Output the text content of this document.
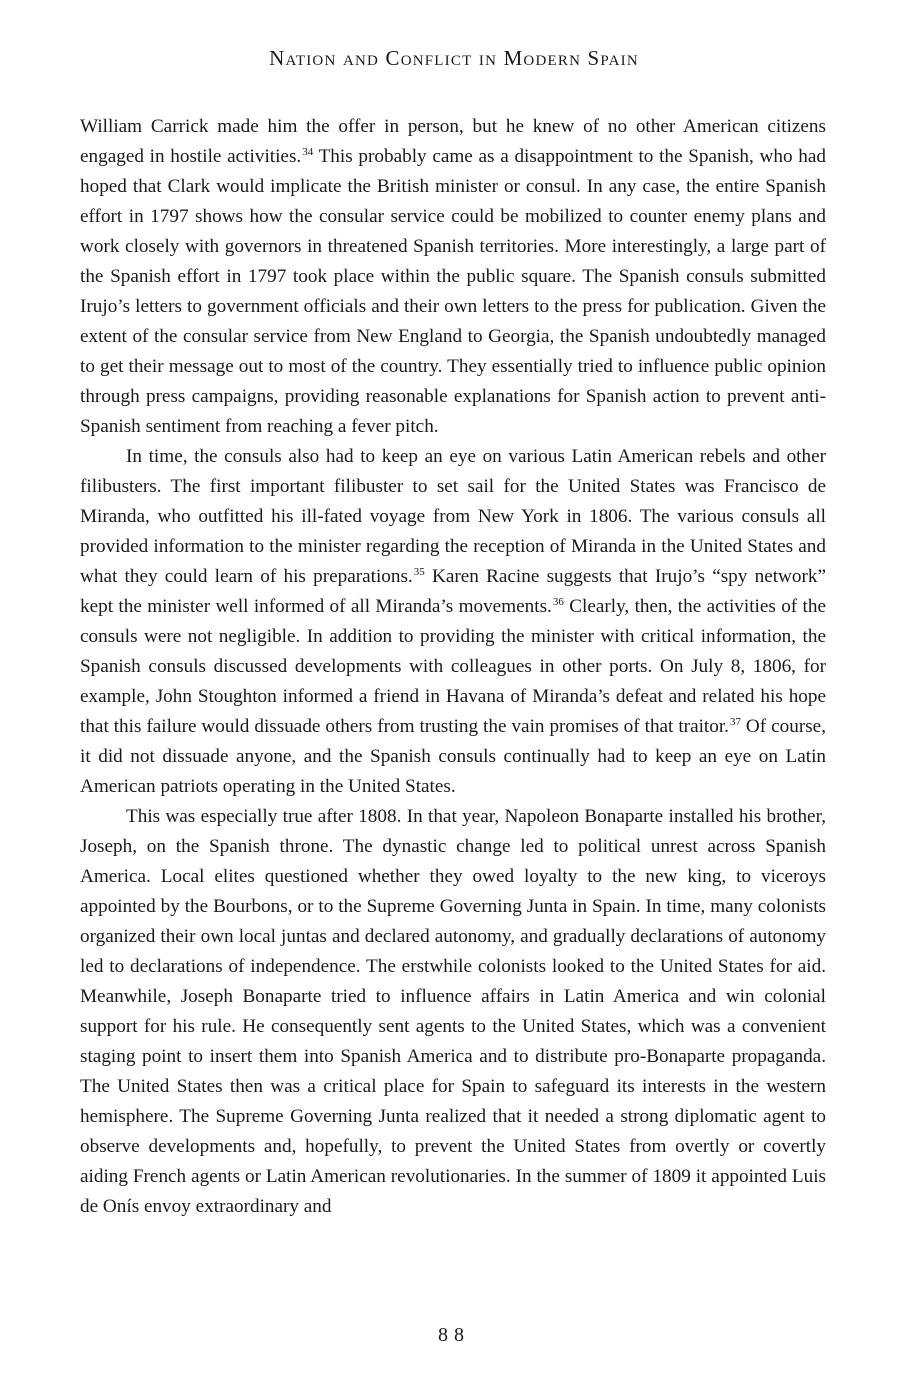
Nation and Conflict in Modern Spain

William Carrick made him the offer in person, but he knew of no other American citizens engaged in hostile activities.$^{34}$ This probably came as a disappointment to the Spanish, who had hoped that Clark would implicate the British minister or consul. In any case, the entire Spanish effort in 1797 shows how the consular service could be mobilized to counter enemy plans and work closely with governors in threatened Spanish territories. More interestingly, a large part of the Spanish effort in 1797 took place within the public square. The Spanish consuls submitted Irujo’s letters to government officials and their own letters to the press for publication. Given the extent of the consular service from New England to Georgia, the Spanish undoubtedly managed to get their message out to most of the country. They essentially tried to influence public opinion through press campaigns, providing reasonable explanations for Spanish action to prevent anti-Spanish sentiment from reaching a fever pitch.

In time, the consuls also had to keep an eye on various Latin American rebels and other filibusters. The first important filibuster to set sail for the United States was Francisco de Miranda, who outfitted his ill-fated voyage from New York in 1806. The various consuls all provided information to the minister regarding the reception of Miranda in the United States and what they could learn of his preparations.$^{35}$ Karen Racine suggests that Irujo’s “spy network” kept the minister well informed of all Miranda’s movements.$^{36}$ Clearly, then, the activities of the consuls were not negligible. In addition to providing the minister with critical information, the Spanish consuls discussed developments with colleagues in other ports. On July 8, 1806, for example, John Stoughton informed a friend in Havana of Miranda’s defeat and related his hope that this failure would dissuade others from trusting the vain promises of that traitor.$^{37}$ Of course, it did not dissuade anyone, and the Spanish consuls continually had to keep an eye on Latin American patriots operating in the United States.

This was especially true after 1808. In that year, Napoleon Bonaparte installed his brother, Joseph, on the Spanish throne. The dynastic change led to political unrest across Spanish America. Local elites questioned whether they owed loyalty to the new king, to viceroys appointed by the Bourbons, or to the Supreme Governing Junta in Spain. In time, many colonists organized their own local juntas and declared autonomy, and gradually declarations of autonomy led to declarations of independence. The erstwhile colonists looked to the United States for aid. Meanwhile, Joseph Bonaparte tried to influence affairs in Latin America and win colonial support for his rule. He consequently sent agents to the United States, which was a convenient staging point to insert them into Spanish America and to distribute pro-Bonaparte propaganda. The United States then was a critical place for Spain to safeguard its interests in the western hemisphere. The Supreme Governing Junta realized that it needed a strong diplomatic agent to observe developments and, hopefully, to prevent the United States from overtly or covertly aiding French agents or Latin American revolutionaries. In the summer of 1809 it appointed Luis de Onís envoy extraordinary and

88
